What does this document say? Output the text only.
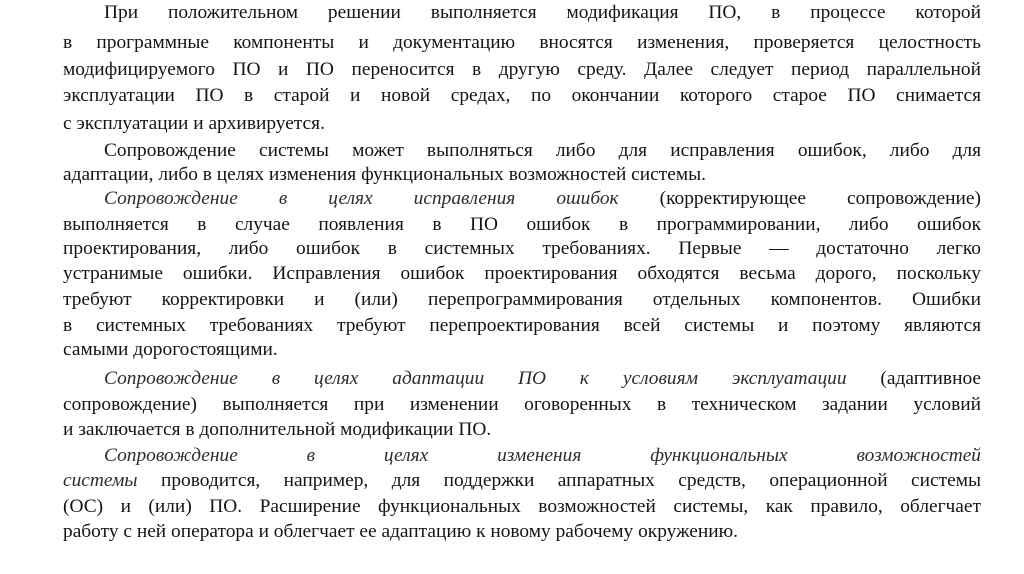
При положительном решении выполняется модификация ПО, в процессе которой
в программные компоненты и документацию вносятся изменения, проверяется целостность
модифицируемого ПО и ПО переносится в другую среду. Далее следует период параллельной
эксплуатации ПО в старой и новой средах, по окончании которого старое ПО снимается
с эксплуатации и архивируется.
Сопровождение системы может выполняться либо для исправления ошибок, либо для
адаптации, либо в целях изменения функциональных возможностей системы.
Сопровождение в целях исправления ошибок (корректирующее сопровождение)
выполняется в случае появления в ПО ошибок в программировании, либо ошибок
проектирования, либо ошибок в системных требованиях. Первые — достаточно легко
устранимые ошибки. Исправления ошибок проектирования обходятся весьма дорого, поскольку
требуют корректировки и (или) перепрограммирования отдельных компонентов. Ошибки
в системных требованиях требуют перепроектирования всей системы и поэтому являются
самыми дорогостоящими.
Сопровождение в целях адаптации ПО к условиям эксплуатации (адаптивное
сопровождение) выполняется при изменении оговоренных в техническом задании условий
и заключается в дополнительной модификации ПО.
Сопровождение в целях изменения функциональных возможностей
системы проводится, например, для поддержки аппаратных средств, операционной системы
(ОС) и (или) ПО. Расширение функциональных возможностей системы, как правило, облегчает
работу с ней оператора и облегчает ее адаптацию к новому рабочему окружению.
